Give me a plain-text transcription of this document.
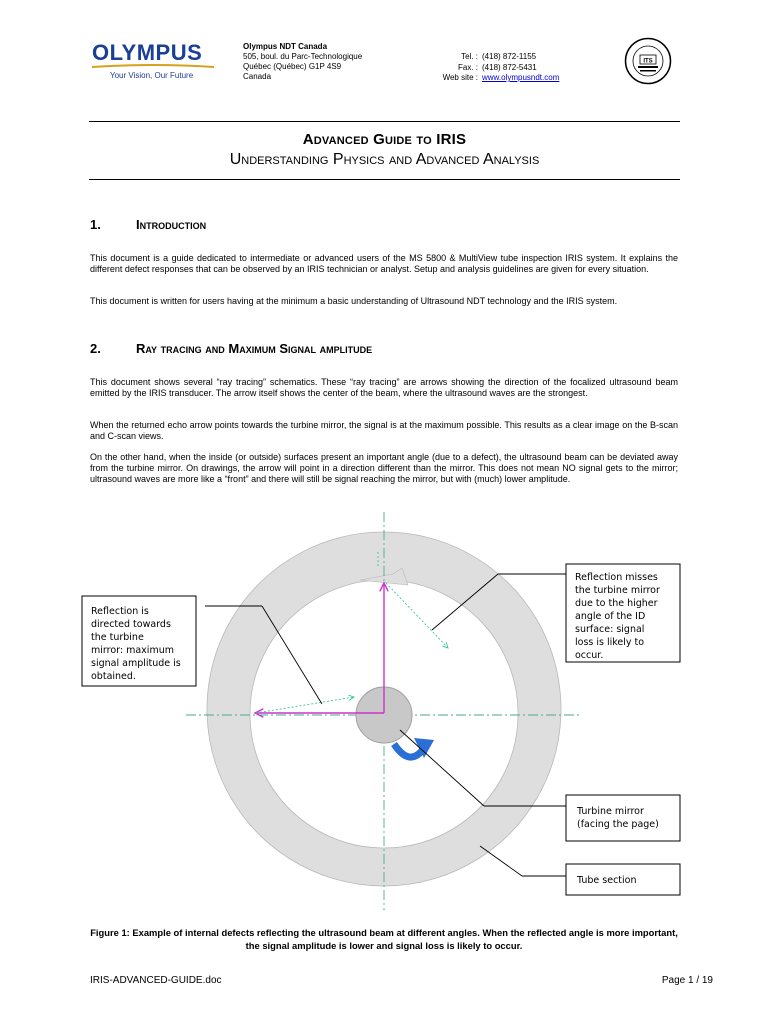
OLYMPUS
Your Vision, Our Future
Olympus NDT Canada
505, boul. du Parc-Technologique
Québec (Québec) G1P 4S9
Canada
Tel. : (418) 872-1155
Fax. : (418) 872-5431
Web site : www.olympusndt.com
ITS
Advanced Guide to IRIS
Understanding Physics and Advanced Analysis
1.	Introduction
This document is a guide dedicated to intermediate or advanced users of the MS 5800 & MultiView tube inspection IRIS system. It explains the different defect responses that can be observed by an IRIS technician or analyst. Setup and analysis guidelines are given for every situation.
This document is written for users having at the minimum a basic understanding of Ultrasound NDT technology and the IRIS system.
2.	Ray tracing and Maximum Signal amplitude
This document shows several “ray tracing” schematics. These “ray tracing” are arrows showing the direction of the focalized ultrasound beam emitted by the IRIS transducer. The arrow itself shows the center of the beam, where the ultrasound waves are the strongest.
When the returned echo arrow points towards the turbine mirror, the signal is at the maximum possible. This results as a clear image on the B-scan and C-scan views.
On the other hand, when the inside (or outside) surfaces present an important angle (due to a defect), the ultrasound beam can be deviated away from the turbine mirror. On drawings, the arrow will point in a direction different than the mirror. This does not mean NO signal gets to the mirror; ultrasound waves are more like a “front” and there will still be signal reaching the mirror, but with (much) lower amplitude.
Reflection is
directed towards
the turbine
mirror: maximum
signal amplitude is
obtained.
Reflection misses
the turbine mirror
due to the higher
angle of the ID
surface: signal
loss is likely to
occur.
Turbine mirror
(facing the page)
Tube section
Figure 1: Example of internal defects reflecting the ultrasound beam at different angles. When the reflected angle is more important, the signal amplitude is lower and signal loss is likely to occur.
IRIS-ADVANCED-GUIDE.doc	Page 1 / 19
